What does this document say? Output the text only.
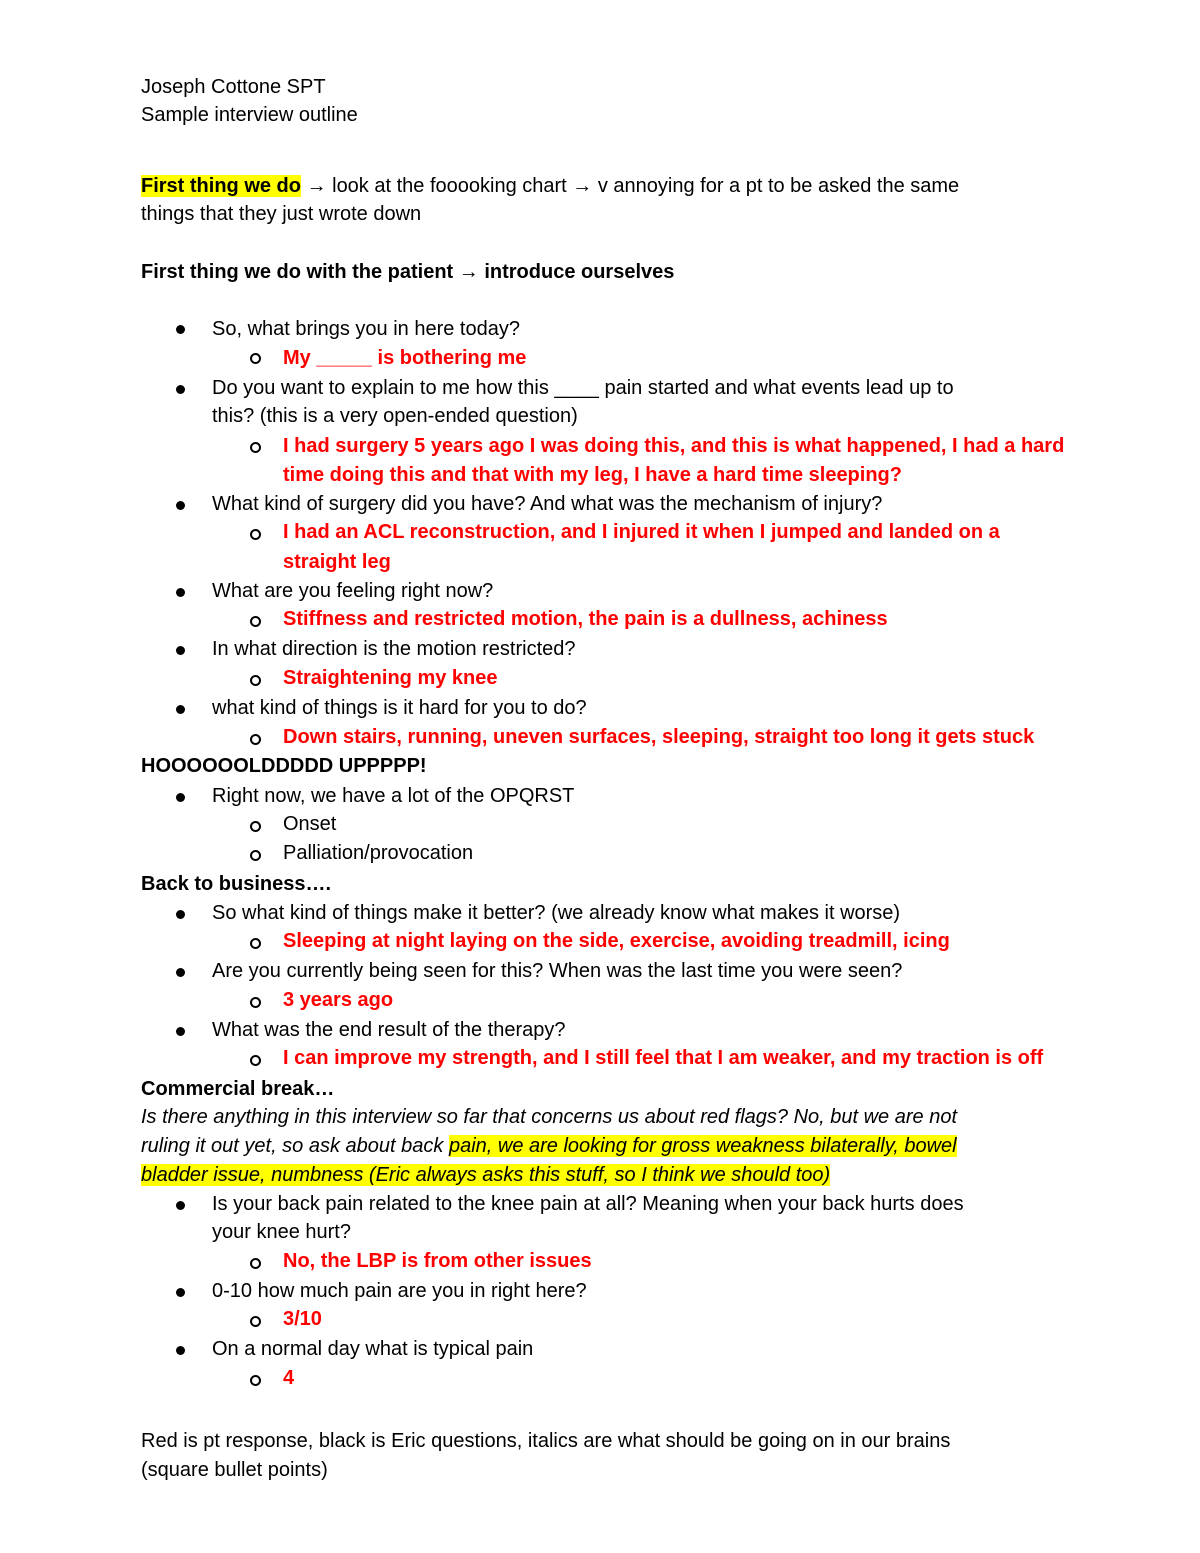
Joseph Cottone SPT
Sample interview outline
First thing we do → look at the fooooking chart → v annoying for a pt to be asked the same
things that they just wrote down
First thing we do with the patient → introduce ourselves
So, what brings you in here today?
My _____ is bothering me
Do you want to explain to me how this ____ pain started and what events lead up to
this? (this is a very open-ended question)
I had surgery 5 years ago I was doing this, and this is what happened, I had a hard
time doing this and that with my leg, I have a hard time sleeping?
What kind of surgery did you have? And what was the mechanism of injury?
I had an ACL reconstruction, and I injured it when I jumped and landed on a
straight leg
What are you feeling right now?
Stiffness and restricted motion, the pain is a dullness, achiness
In what direction is the motion restricted?
Straightening my knee
what kind of things is it hard for you to do?
Down stairs, running, uneven surfaces, sleeping, straight too long it gets stuck
HOOOOOOLDDDDD UPPPPP!
Right now, we have a lot of the OPQRST
Onset
Palliation/provocation
Back to business….
So what kind of things make it better? (we already know what makes it worse)
Sleeping at night laying on the side, exercise, avoiding treadmill, icing
Are you currently being seen for this? When was the last time you were seen?
3 years ago
What was the end result of the therapy?
I can improve my strength, and I still feel that I am weaker, and my traction is off
Commercial break…
Is there anything in this interview so far that concerns us about red flags? No, but we are not
ruling it out yet, so ask about back pain, we are looking for gross weakness bilaterally, bowel
bladder issue, numbness (Eric always asks this stuff, so I think we should too)
Is your back pain related to the knee pain at all? Meaning when your back hurts does
your knee hurt?
No, the LBP is from other issues
0-10 how much pain are you in right here?
3/10
On a normal day what is typical pain
4
Red is pt response, black is Eric questions, italics are what should be going on in our brains
(square bullet points)
